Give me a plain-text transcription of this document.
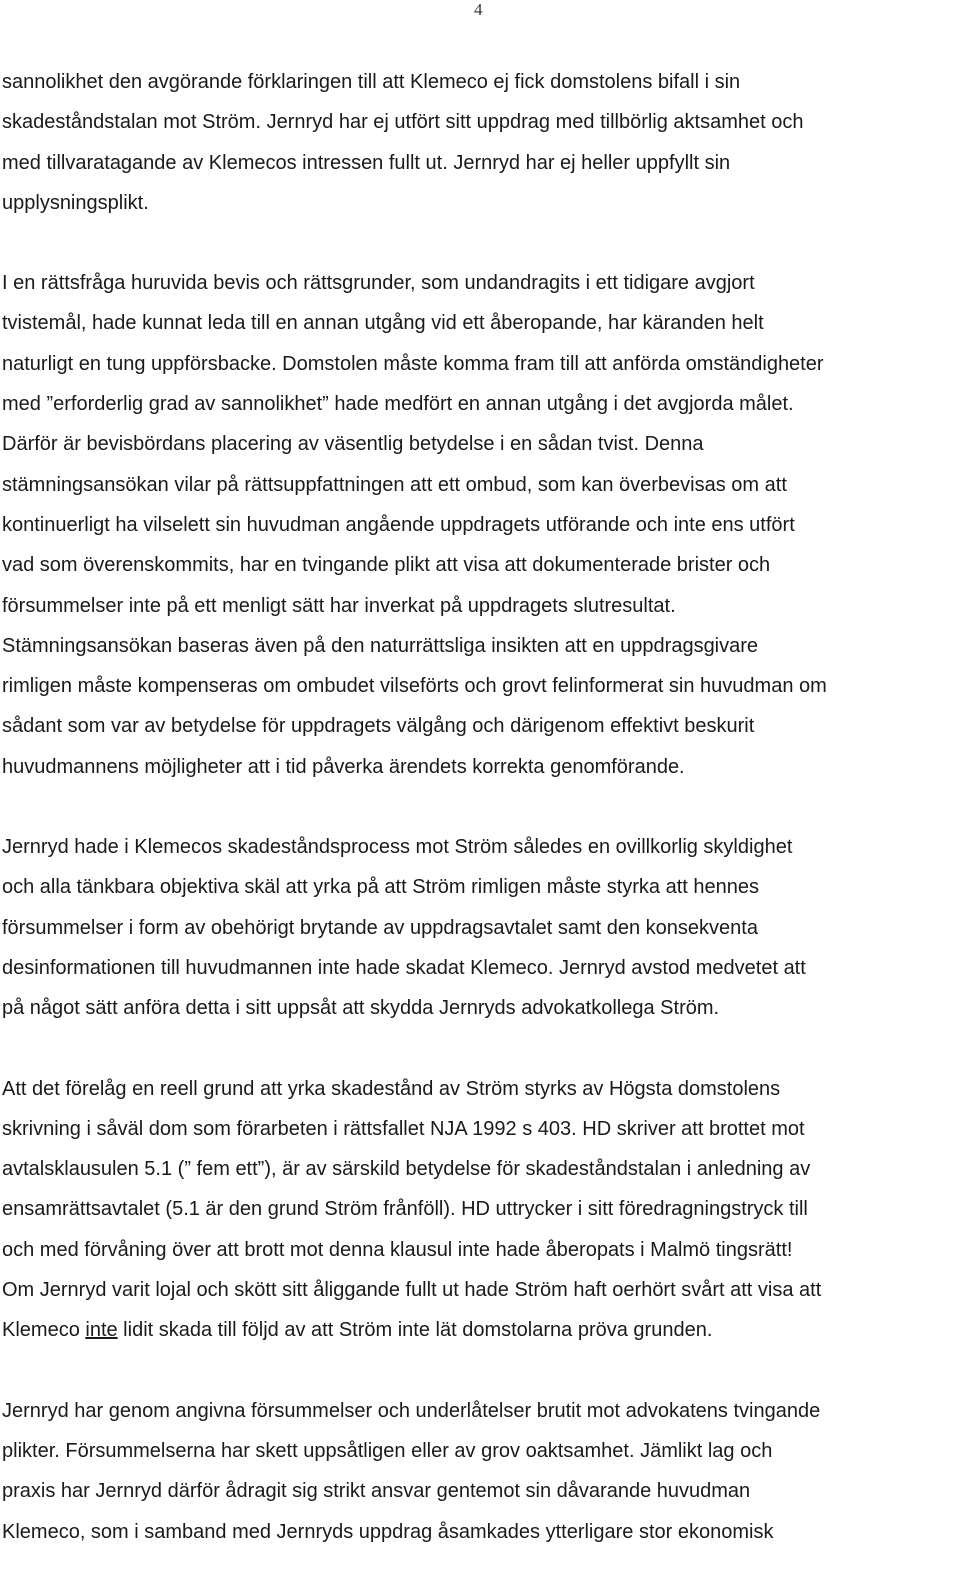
4

sannolikhet den avgörande förklaringen till att Klemeco ej fick domstolens bifall i sin
skadeståndstalan mot Ström. Jernryd har ej utfört sitt uppdrag med tillbörlig aktsamhet och
med tillvaratagande av Klemecos intressen fullt ut. Jernryd har ej heller uppfyllt sin
upplysningsplikt.

I en rättsfråga huruvida bevis och rättsgrunder, som undandragits i ett tidigare avgjort
tvistemål, hade kunnat leda till en annan utgång vid ett åberopande, har käranden helt
naturligt en tung uppförsbacke. Domstolen måste komma fram till att anförda omständigheter
med ”erforderlig grad av sannolikhet” hade medfört en annan utgång i det avgjorda målet.
Därför är bevisbördans placering av väsentlig betydelse i en sådan tvist. Denna
stämningsansökan vilar på rättsuppfattningen att ett ombud, som kan överbevisas om att
kontinuerligt ha vilselett sin huvudman angående uppdragets utförande och inte ens utfört
vad som överenskommits, har en tvingande plikt att visa att dokumenterade brister och
försummelser inte på ett menligt sätt har inverkat på uppdragets slutresultat.
Stämningsansökan baseras även på den naturrättsliga insikten att en uppdragsgivare
rimligen måste kompenseras om ombudet vilseförts och grovt felinformerat sin huvudman om
sådant som var av betydelse för uppdragets välgång och därigenom effektivt beskurit
huvudmannens möjligheter att i tid påverka ärendets korrekta genomförande.

Jernryd hade i Klemecos skadeståndsprocess mot Ström således en ovillkorlig skyldighet
och alla tänkbara objektiva skäl att yrka på att Ström rimligen måste styrka att hennes
försummelser i form av obehörigt brytande av uppdragsavtalet samt den konsekventa
desinformationen till huvudmannen inte hade skadat Klemeco. Jernryd avstod medvetet att
på något sätt anföra detta i sitt uppsåt att skydda Jernryds advokatkollega Ström.

Att det förelåg en reell grund att yrka skadestånd av Ström styrks av Högsta domstolens
skrivning i såväl dom som förarbeten i rättsfallet NJA 1992 s 403. HD skriver att brottet mot
avtalsklausulen 5.1 (” fem ett”), är av särskild betydelse för skadeståndstalan i anledning av
ensamrättsavtalet (5.1 är den grund Ström frånföll). HD uttrycker i sitt föredragningstryck till
och med förvåning över att brott mot denna klausul inte hade åberopats i Malmö tingsrätt!
Om Jernryd varit lojal och skött sitt åliggande fullt ut hade Ström haft oerhört svårt att visa att
Klemeco inte lidit skada till följd av att Ström inte lät domstolarna pröva grunden.

Jernryd har genom angivna försummelser och underlåtelser brutit mot advokatens tvingande
plikter. Försummelserna har skett uppsåtligen eller av grov oaktsamhet. Jämlikt lag och
praxis har Jernryd därför ådragit sig strikt ansvar gentemot sin dåvarande huvudman
Klemeco, som i samband med Jernryds uppdrag åsamkades ytterligare stor ekonomisk
